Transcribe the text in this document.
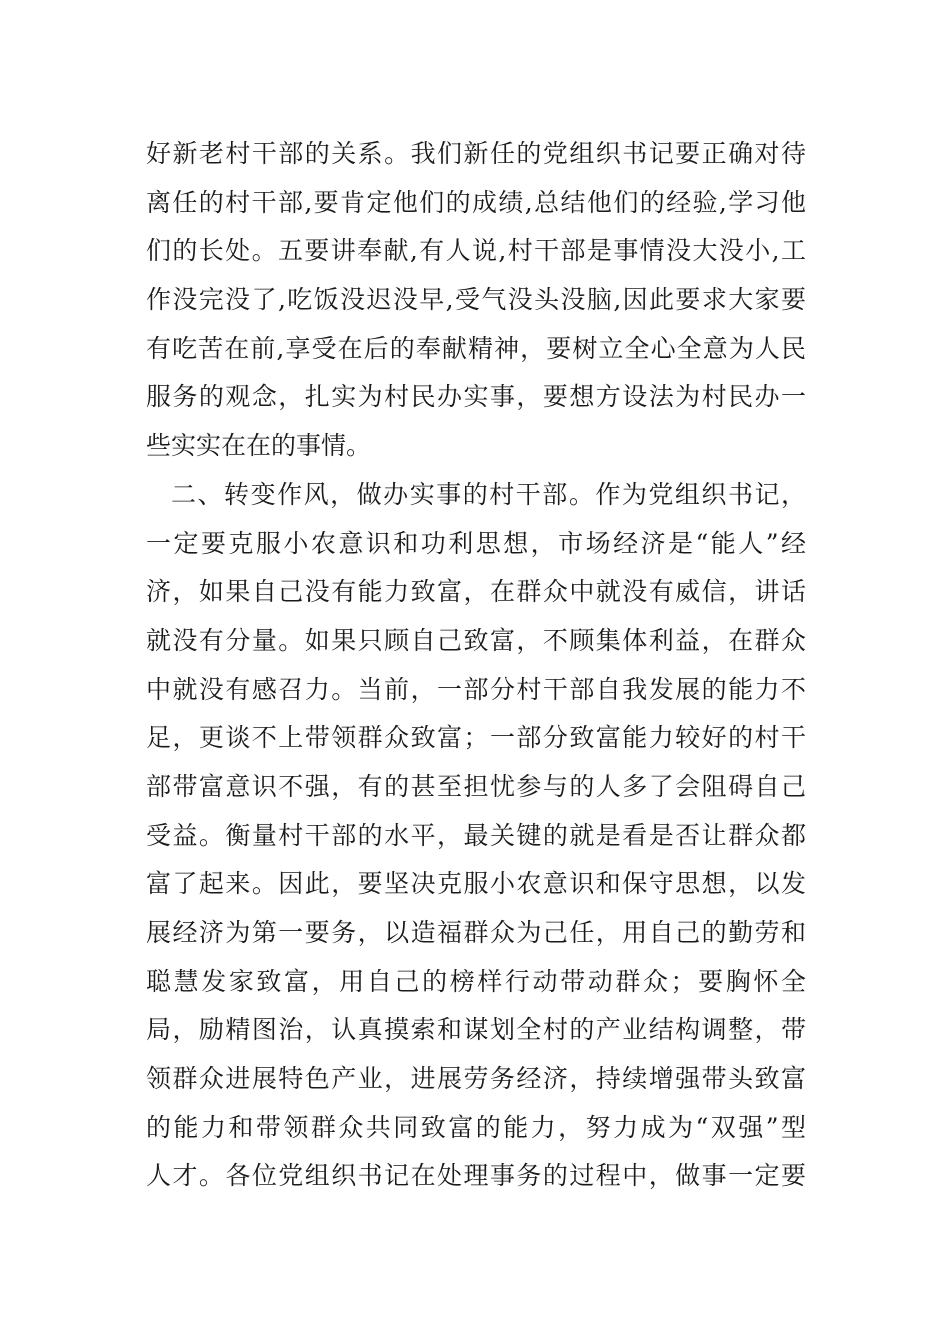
好新老村干部的关系。我们新任的党组织书记要正确对待
离任的村干部,要肯定他们的成绩,总结他们的经验,学习他
们的长处。五要讲奉献,有人说,村干部是事情没大没小,工
作没完没了,吃饭没迟没早,受气没头没脑,因此要求大家要
有吃苦在前,享受在后的奉献精神，要树立全心全意为人民
服务的观念，扎实为村民办实事，要想方设法为村民办一
些实实在在的事情。
二、转变作风，做办实事的村干部。作为党组织书记，
一定要克服小农意识和功利思想，市场经济是“能人”经
济，如果自己没有能力致富，在群众中就没有威信，讲话
就没有分量。如果只顾自己致富，不顾集体利益，在群众
中就没有感召力。当前，一部分村干部自我发展的能力不
足，更谈不上带领群众致富；一部分致富能力较好的村干
部带富意识不强，有的甚至担忧参与的人多了会阻碍自己
受益。衡量村干部的水平，最关键的就是看是否让群众都
富了起来。因此，要坚决克服小农意识和保守思想，以发
展经济为第一要务，以造福群众为己任，用自己的勤劳和
聪慧发家致富，用自己的榜样行动带动群众；要胸怀全
局，励精图治，认真摸索和谋划全村的产业结构调整，带
领群众进展特色产业，进展劳务经济，持续增强带头致富
的能力和带领群众共同致富的能力，努力成为“双强”型
人才。各位党组织书记在处理事务的过程中，做事一定要
